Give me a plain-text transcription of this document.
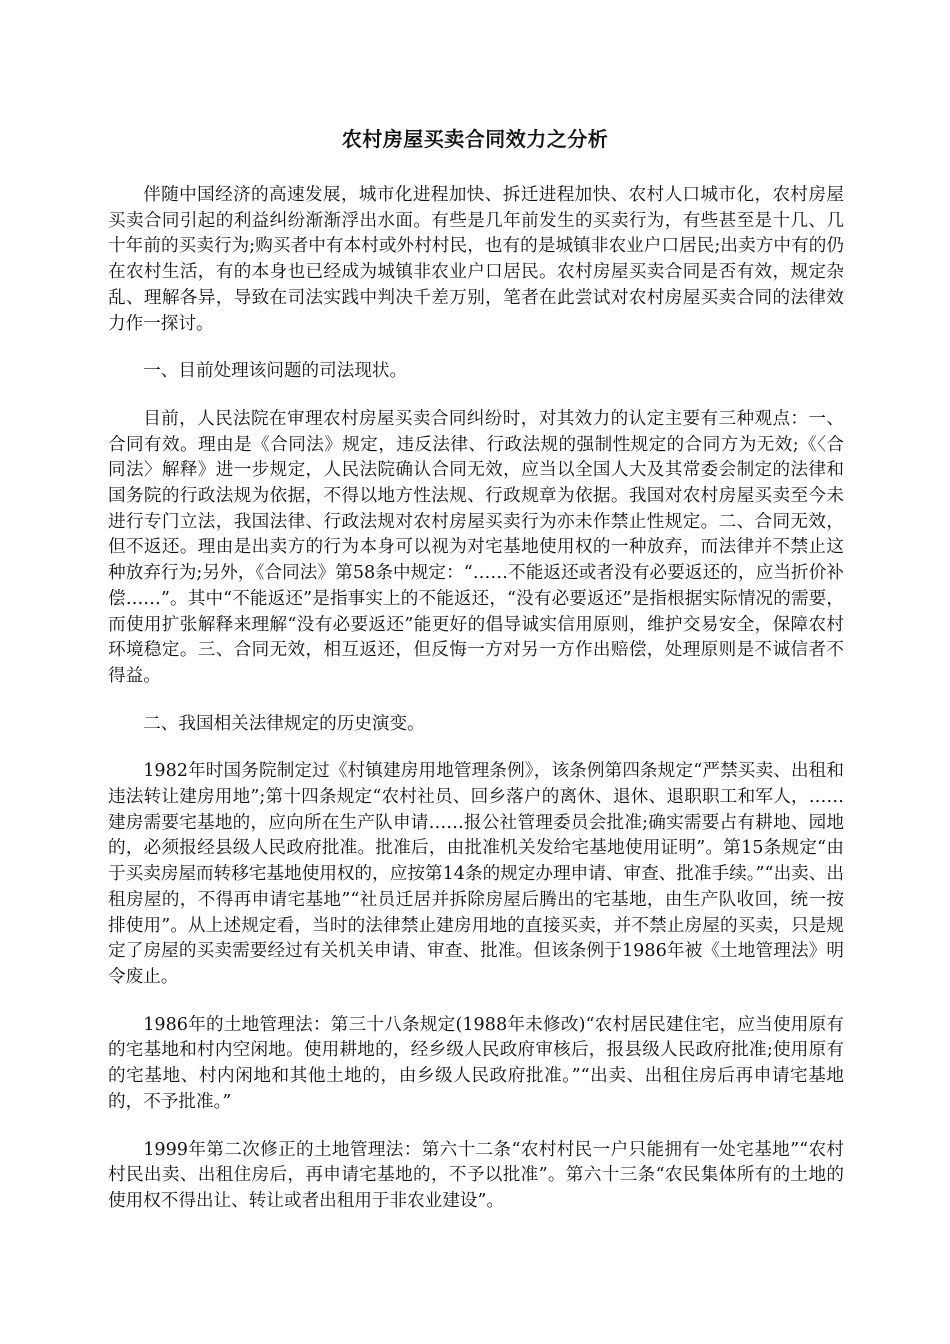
农村房屋买卖合同效力之分析

伴随中国经济的高速发展，城市化进程加快、拆迁进程加快、农村人口城市化，农村房屋买卖合同引起的利益纠纷渐渐浮出水面。有些是几年前发生的买卖行为，有些甚至是十几、几十年前的买卖行为;购买者中有本村或外村村民，也有的是城镇非农业户口居民;出卖方中有的仍在农村生活，有的本身也已经成为城镇非农业户口居民。农村房屋买卖合同是否有效，规定杂乱、理解各异，导致在司法实践中判决千差万别，笔者在此尝试对农村房屋买卖合同的法律效力作一探讨。

一、目前处理该问题的司法现状。

目前，人民法院在审理农村房屋买卖合同纠纷时，对其效力的认定主要有三种观点：一、合同有效。理由是《合同法》规定，违反法律、行政法规的强制性规定的合同方为无效;《〈合同法〉解释》进一步规定，人民法院确认合同无效，应当以全国人大及其常委会制定的法律和国务院的行政法规为依据，不得以地方性法规、行政规章为依据。我国对农村房屋买卖至今未进行专门立法，我国法律、行政法规对农村房屋买卖行为亦未作禁止性规定。二、合同无效，但不返还。理由是出卖方的行为本身可以视为对宅基地使用权的一种放弃，而法律并不禁止这种放弃行为;另外，《合同法》第58条中规定：“……不能返还或者没有必要返还的，应当折价补偿……”。其中“不能返还”是指事实上的不能返还，“没有必要返还”是指根据实际情况的需要，而使用扩张解释来理解“没有必要返还”能更好的倡导诚实信用原则，维护交易安全，保障农村环境稳定。三、合同无效，相互返还，但反悔一方对另一方作出赔偿，处理原则是不诚信者不得益。

二、我国相关法律规定的历史演变。

1982年时国务院制定过《村镇建房用地管理条例》，该条例第四条规定“严禁买卖、出租和违法转让建房用地”;第十四条规定“农村社员、回乡落户的离休、退休、退职职工和军人，……建房需要宅基地的，应向所在生产队申请……报公社管理委员会批准;确实需要占有耕地、园地的，必须报经县级人民政府批准。批准后，由批准机关发给宅基地使用证明”。第15条规定“由于买卖房屋而转移宅基地使用权的，应按第14条的规定办理申请、审查、批准手续。”“出卖、出租房屋的，不得再申请宅基地”“社员迁居并拆除房屋后腾出的宅基地，由生产队收回，统一按排使用”。从上述规定看，当时的法律禁止建房用地的直接买卖，并不禁止房屋的买卖，只是规定了房屋的买卖需要经过有关机关申请、审查、批准。但该条例于1986年被《土地管理法》明令废止。

1986年的土地管理法：第三十八条规定(1988年未修改)“农村居民建住宅，应当使用原有的宅基地和村内空闲地。使用耕地的，经乡级人民政府审核后，报县级人民政府批准;使用原有的宅基地、村内闲地和其他土地的，由乡级人民政府批准。”“出卖、出租住房后再申请宅基地的，不予批准。”

1999年第二次修正的土地管理法：第六十二条“农村村民一户只能拥有一处宅基地”“农村村民出卖、出租住房后，再申请宅基地的，不予以批准”。第六十三条“农民集体所有的土地的使用权不得出让、转让或者出租用于非农业建设”。
